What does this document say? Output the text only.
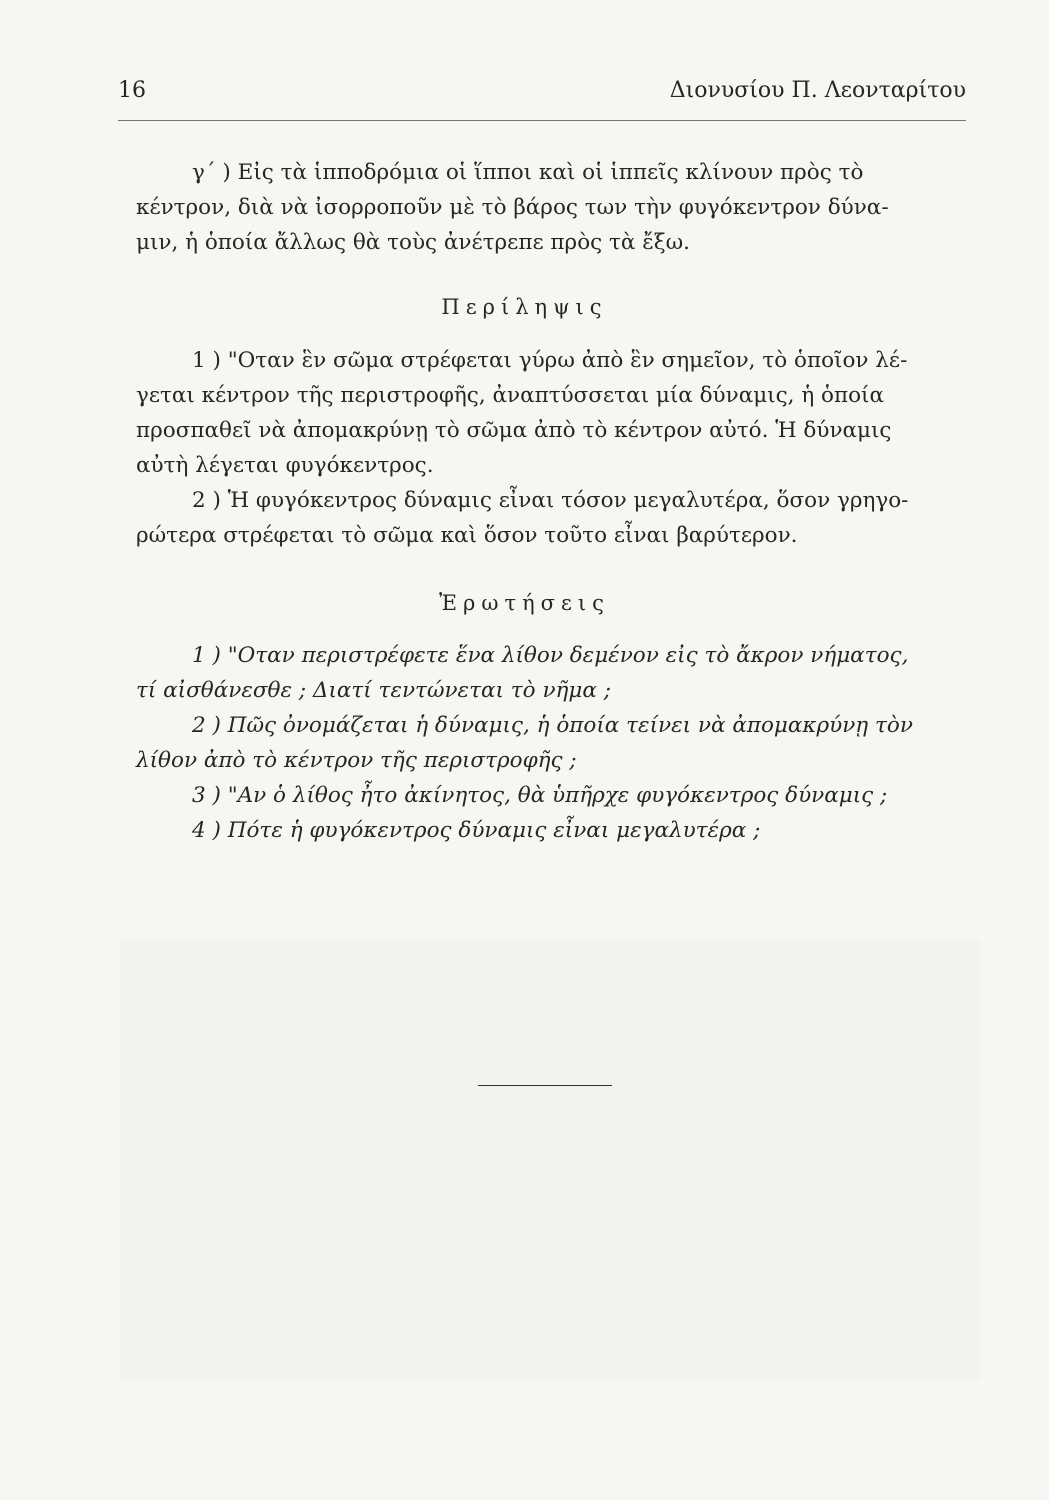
16	Διονυσίου Π. Λεονταρίτου
γ΄ ) Εἰς τὰ ἱπποδρόμια οἱ ἵπποι καὶ οἱ ἱππεῖς κλίνουν πρὸς τὸ
κέντρον, διὰ νὰ ἰσορροποῦν μὲ τὸ βάρος των τὴν φυγόκεντρον δύνα-
μιν, ἡ ὁποία ἄλλως θὰ τοὺς ἀνέτρεπε πρὸς τὰ ἔξω.
Περίληψις
1 ) "Οταν ἓν σῶμα στρέφεται γύρω ἀπὸ ἓν σημεῖον, τὸ ὁποῖον λέ-
γεται κέντρον τῆς περιστροφῆς, ἀναπτύσσεται μία δύναμις, ἡ ὁποία
προσπαθεῖ νὰ ἀπομακρύνῃ τὸ σῶμα ἀπὸ τὸ κέντρον αὐτό. Ἡ δύναμις
αὐτὴ λέγεται φυγόκεντρος.
2 ) Ἡ φυγόκεντρος δύναμις εἶναι τόσον μεγαλυτέρα, ὅσον γρηγο-
ρώτερα στρέφεται τὸ σῶμα καὶ ὅσον τοῦτο εἶναι βαρύτερον.
Ἐρωτήσεις
1 ) "Οταν περιστρέφετε ἕνα λίθον δεμένον εἰς τὸ ἄκρον νήματος,
τί αἰσθάνεσθε ; Διατί τεντώνεται τὸ νῆμα ;
2 ) Πῶς ὀνομάζεται ἡ δύναμις, ἡ ὁποία τείνει νὰ ἀπομακρύνῃ τὸν
λίθον ἀπὸ τὸ κέντρον τῆς περιστροφῆς ;
3 ) "Αν ὁ λίθος ἦτο ἀκίνητος, θὰ ὑπῆρχε φυγόκεντρος δύναμις ;
4 ) Πότε ἡ φυγόκεντρος δύναμις εἶναι μεγαλυτέρα ;
